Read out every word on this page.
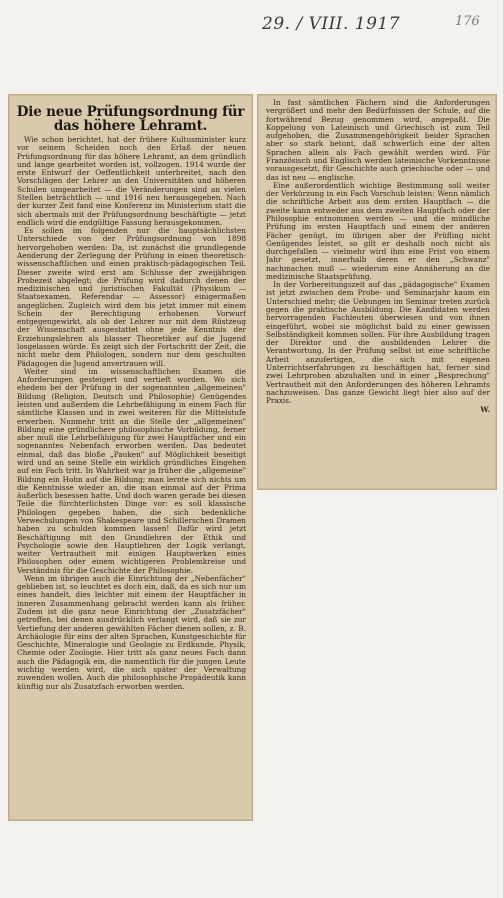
29. / VIII. 1917	176
Die neue Prüfungsordnung für das höhere Lehramt.

Wie schon berichtet, hat der frühere Kultusminister kurz vor seinem Scheiden noch den Erlaß der neuen Prüfungsordnung für das höhere Lehramt, an dem gründlich und lange gearbeitet worden ist, vollzogen. 1914 wurde der erste Entwurf der Oeffentlichkeit unterbreitet, nach den Vorschlägen der Lehrer an den Universitäten und höheren Schulen umgearbeitet — die Veränderungen sind an vielen Stellen beträchtlich — und 1916 neu herausgegeben. Nach der kurzer Zeit fand eine Konferenz im Ministerium statt die sich abermals mit der Prüfungsordnung beschäftigte — jetzt endlich wird die endgültige Fassung herausgekommen.

Es sollen im folgenden nur die hauptsächlichsten Unterschiede von der Prüfungsordnung von 1898 hervorgehoben werden: Da, ist zunächst die grundlegende Aenderung der Zerlegung der Prüfung in einen theoretisch-wissenschaftlichen und einen praktisch-pädagogischen Teil. Dieser zweite wird erst am Schlusse der zweijährigen Probezeit abgelegt; die Prüfung wird dadurch denen der medizinischen und juristischen Fakultät (Physikum — Staatsexamen, Referendar — Assessor) einigermaßen angeglichen. Zugleich wird dem bis jetzt immer mit einem Schein der Berechtigung erhobenen Vorwurf entgegengewirkt, als ob der Lehrer nur mit dem Rüstzeug der Wissenschaft ausgestattet ohne jede Kenntnis der Erziehungslehren als blasser Theoretiker auf die Jugend losgelassen würde. Es zeigt sich der Fortschritt der Zeit, die nicht mehr dem Philologen, sondern nur dem geschulten Pädagogen die Jugend anvertrauen will.

Weiter sind im wissenschaftlichen Examen die Anforderungen gesteigert und vertieft worden. Wo sich ehedem bei der Prüfung in der sogenannten „allgemeinen" Bildung (Religion, Deutsch und Philosophie) Genügendes leisten und außerdem die Lehrbefähigung in einem Fach für sämtliche Klassen und in zwei weiteren für die Mittelstufe erwerben. Nunmehr tritt an die Stelle der „allgemeinen" Bildung eine gründlichere philosophische Vorbildung, ferner aber muß die Lehrbefähigung für zwei Hauptfächer und ein sogenanntes Nebenfach erworben werden. Das bedeutet einmal, daß das bloße „Pauken" auf Möglichkeit beseitigt wird und an seine Stelle ein wirklich gründliches Eingehen auf ein Fach tritt. In Wahrheit war ja früher die „allgemeine" Bildung ein Hohn auf die Bildung; man lernte sich nichts um die Kenntnisse wieder an, die man einmal auf der Prima äußerlich besessen hatte. Und doch waren gerade bei diesen Teile die fürchterlichsten Dinge vor: es soll klassische Philologen gegeben haben, die sich bedenkliche Verwechslungen von Shakespeare und Schillerschen Dramen haben zu schulden kommen lassen! Dafür wird jetzt Beschäftigung mit den Grundlehren der Ethik und Psychologie sowie den Hauptlehren der Logik verlangt, weiter Vertrautheit mit einigen Hauptwerken eines Philosophen oder einem wichtigeren Problemkreise und Verständnis für die Geschichte der Philosophie.

Wenn im übrigen auch die Einrichtung der „Nebenfächer" geblieben ist, so leuchtet es doch ein, daß, da es sich nur um eines handelt, dies leichter mit einem der Hauptfächer in inneren Zusammenhang gebracht werden kann als früher. Zudem ist die ganz neue Einrichtung der „Zusatzfächer" getroffen, bei denen ausdrücklich verlangt wird, daß sie zur Vertiefung der anderen gewählten Fächer dienen sollen, z. B. Archäologie für eins der alten Sprachen, Kunstgeschichte für Geschichte, Mineralogie und Geologie zu Erdkunde, Physik, Chemie oder Zoologie. Hier tritt als ganz neues Fach dann auch die Pädagogik ein, die namentlich für die jungen Leute wichtig werden wird, die sich später der Verwaltung zuwenden wollen. Auch die philosophische Propädeutik kann künftig nur als Zusatzfach erworben werden.

In fast sämtlichen Fächern sind die Anforderungen vergrößert und mehr den Bedürfnissen der Schule, auf die fortwährend Bezug genommen wird, angepaßt. Die Koppelung von Lateinisch und Griechisch ist zum Teil aufgehoben, die Zusammengehörigkeit beider Sprachen aber so stark betont, daß schwerlich eine der alten Sprachen allein als Fach gewählt werden wird. Für Französisch und Englisch werden lateinische Vorkenntnisse vorausgesetzt, für Geschichte auch griechische oder — und das ist neu — englische.

Eine außerordentlich wichtige Bestimmung soll weiter der Verkürzung in ein Fach Vorschub leisten: Wenn nämlich die schriftliche Arbeit aus dem ersten Hauptfach — die zweite kann entweder aus dem zweiten Hauptfach oder der Philosophie entnommen werden — und die mündliche Prüfung im ersten Hauptfach und einem der anderen Fächer genügt, im übrigen aber der Prüfling nicht Genügendes leistet, so gilt er deshalb noch nicht als durchgefallen — vielmehr wird ihm eine Frist von einem Jahr gesetzt, innerhalb deren er den „Schwanz" nachmachen muß — wiederum eine Annäherung an die medizinische Staatsprüfung.

In der Vorbereitungszeit auf das „pädagogische" Examen ist jetzt zwischen dem Probe- und Seminarjahr kaum ein Unterschied mehr; die Uebungen im Seminar treten zurück gegen die praktische Ausbildung. Die Kandidaten werden hervorragenden Fachleuten überwiesen und von ihnen eingeführt, wobei sie möglichst bald zu einer gewissen Selbständigkeit kommen sollen. Für ihre Ausbildung tragen der Direktor und die ausbildenden Lehrer die Verantwortung. In der Prüfung selbst ist eine schriftliche Arbeit anzufertigen, die sich mit eigenen Unterrichtserfahrungen zu beschäftigen hat, ferner sind zwei Lehrproben abzuhalten und in einer „Besprechung" Vertrautheit mit den Anforderungen des höheren Lehramts nachzuweisen. Das ganze Gewicht liegt hier also auf der Praxis.

W.
